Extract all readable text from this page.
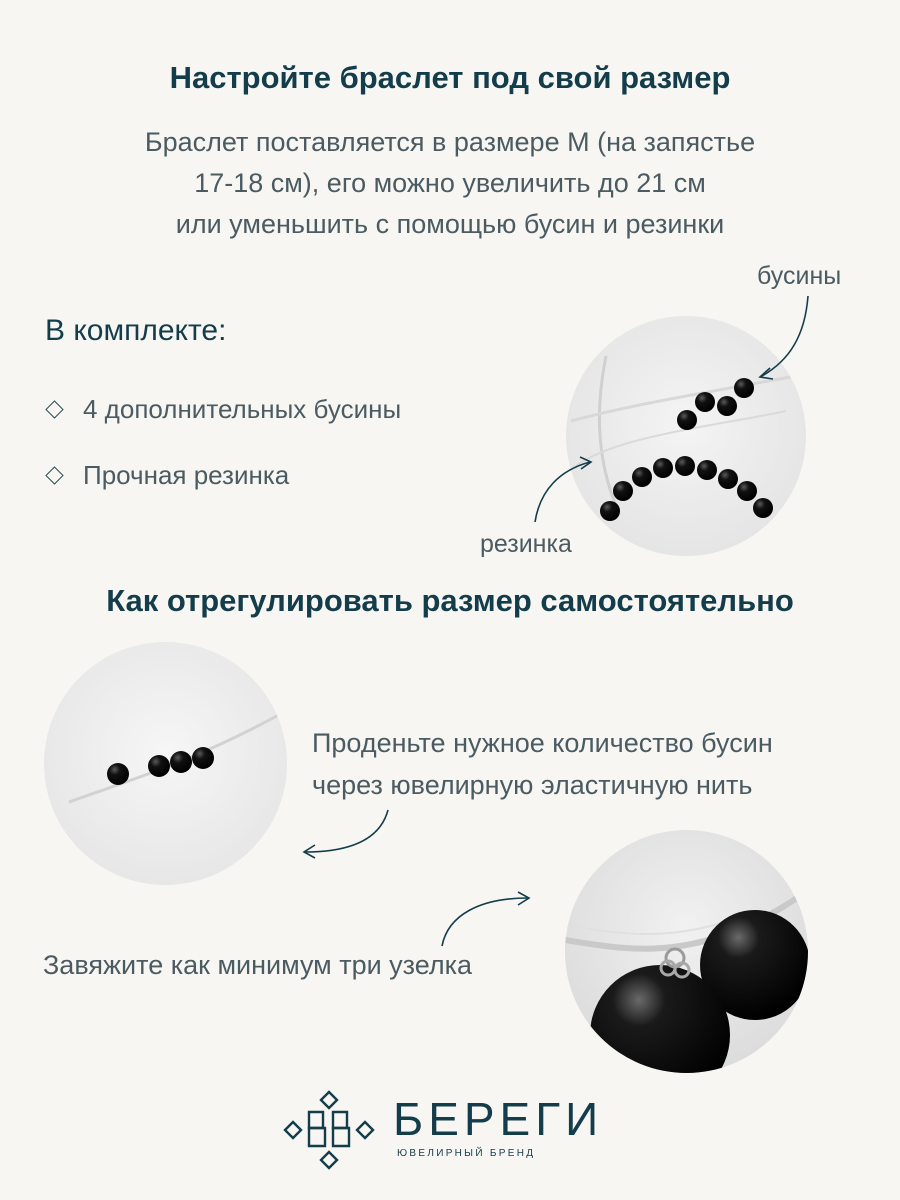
Настройте браслет под свой размер
Браслет поставляется в размере М (на запястье
17-18 см), его можно увеличить до 21 см
или уменьшить с помощью бусин и резинки
В комплекте:
4 дополнительных бусины
Прочная резинка
бусины
резинка
Как отрегулировать размер самостоятельно
Проденьте нужное количество бусин
через ювелирную эластичную нить
Завяжите как минимум три узелка
БЕРЕГИ
ЮВЕЛИРНЫЙ БРЕНД
